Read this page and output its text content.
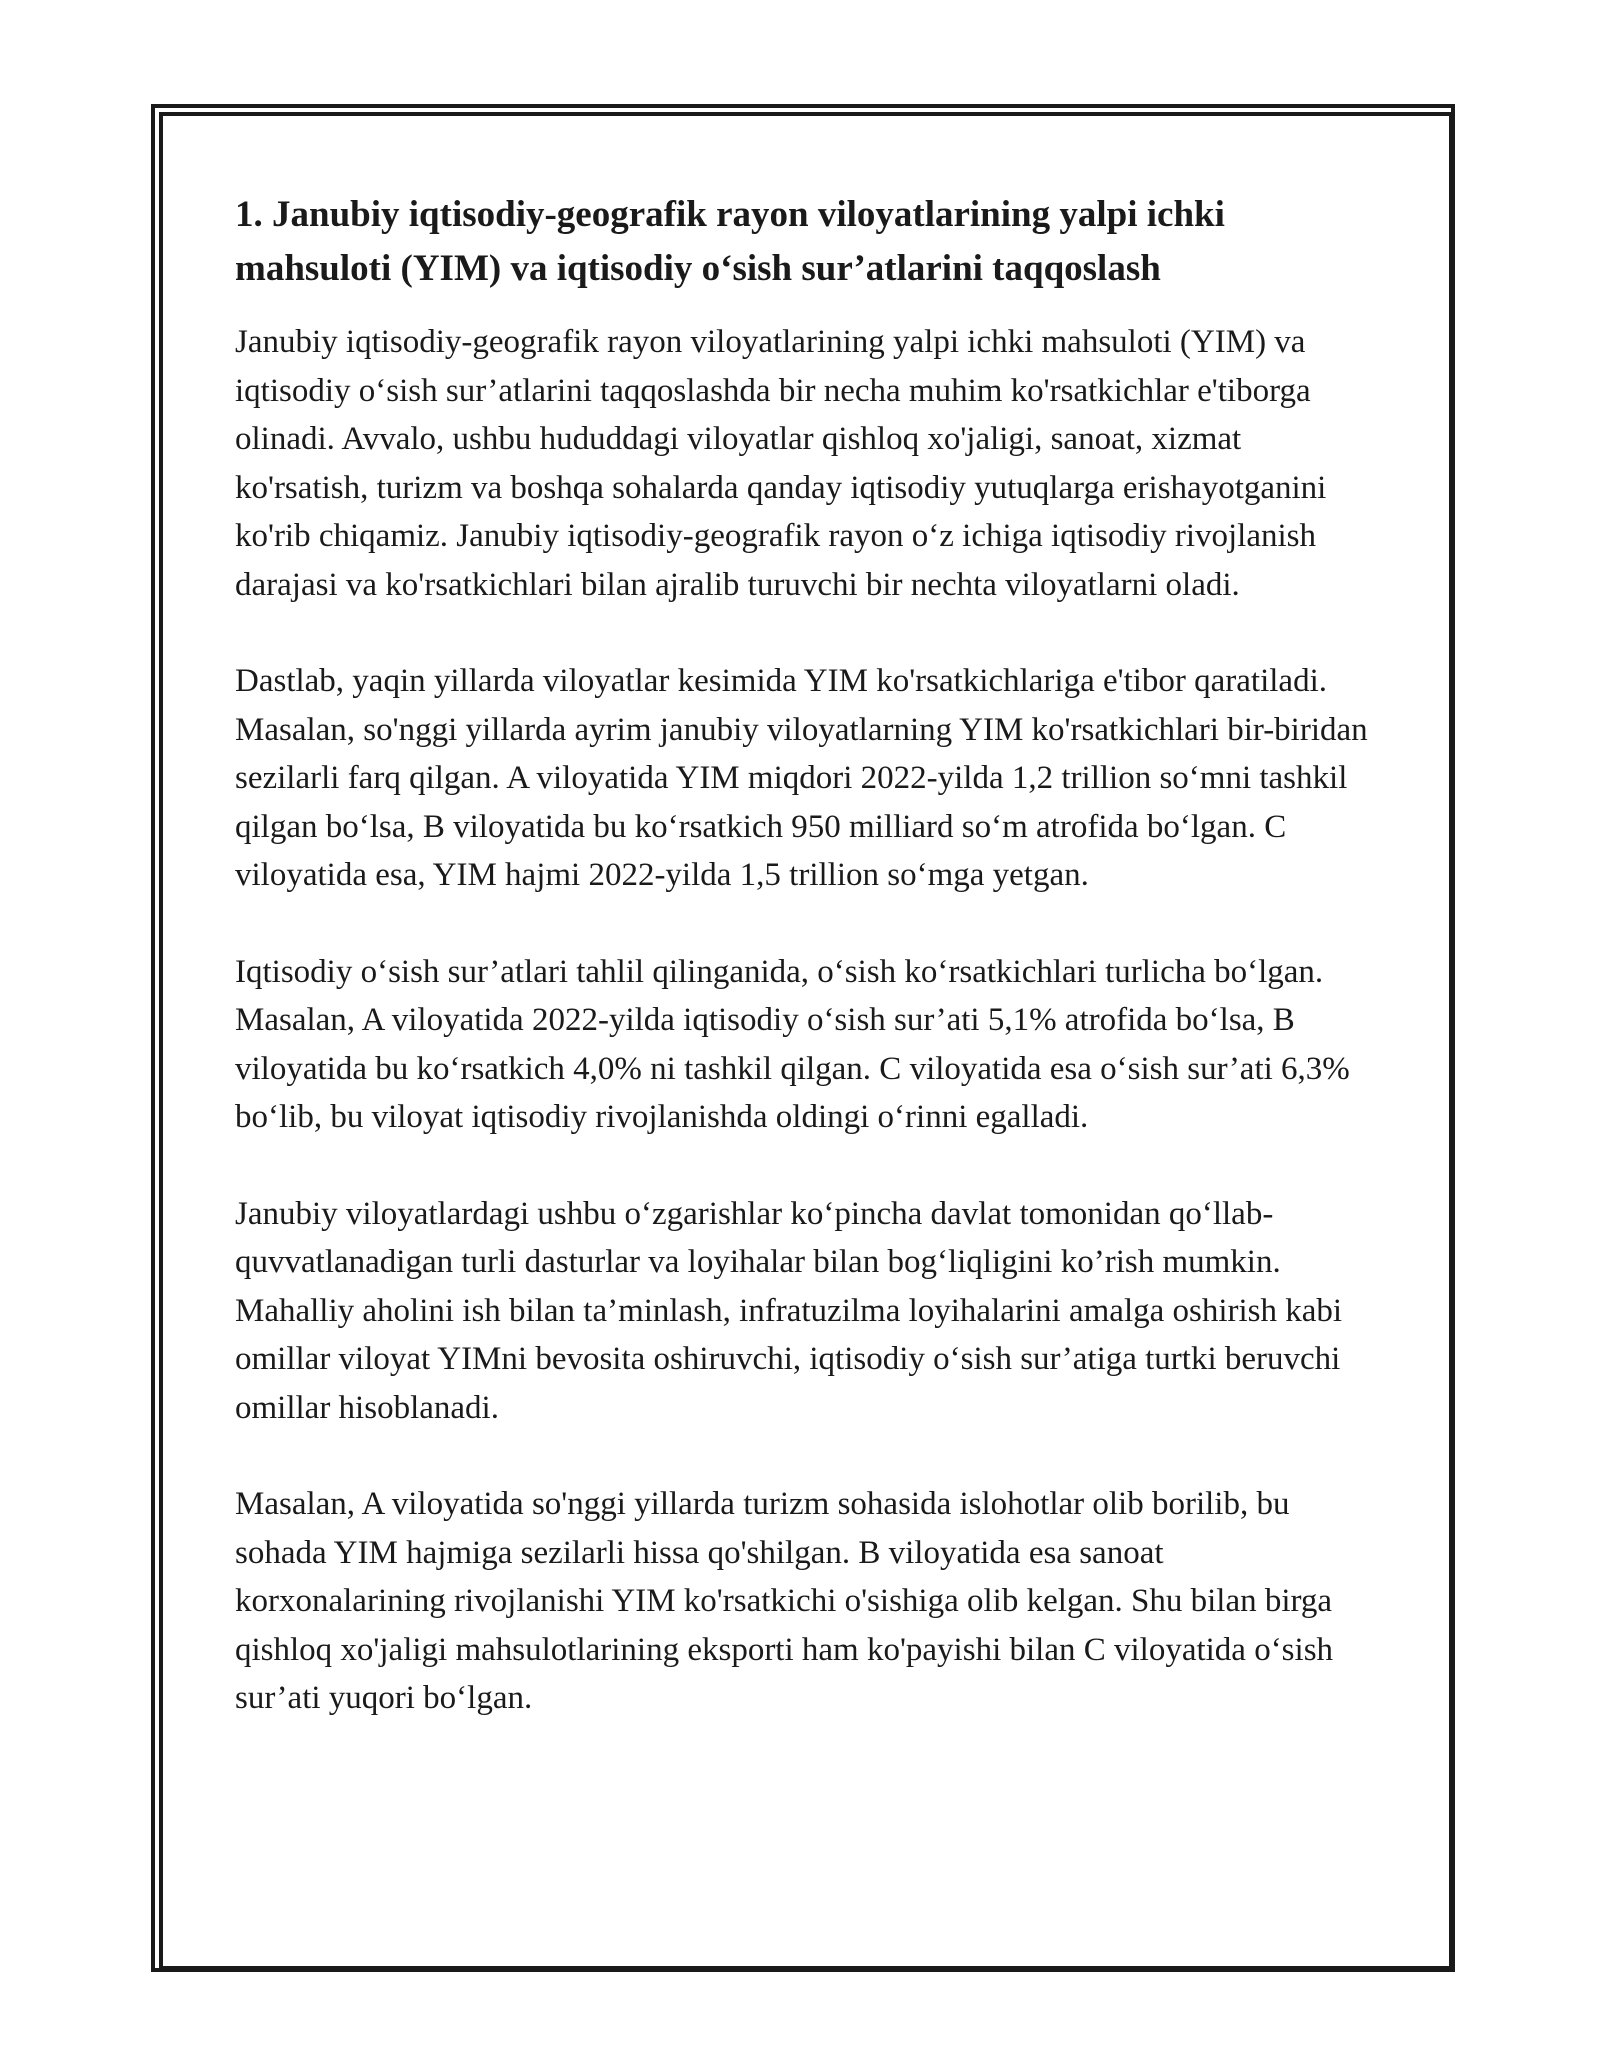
1. Janubiy iqtisodiy-geografik rayon viloyatlarining yalpi ichki mahsuloti (YIM) va iqtisodiy oʻsish sur’atlarini taqqoslash

Janubiy iqtisodiy-geografik rayon viloyatlarining yalpi ichki mahsuloti (YIM) va iqtisodiy oʻsish sur’atlarini taqqoslashda bir necha muhim ko'rsatkichlar e'tiborga olinadi. Avvalo, ushbu hududdagi viloyatlar qishloq xo'jaligi, sanoat, xizmat ko'rsatish, turizm va boshqa sohalarda qanday iqtisodiy yutuqlarga erishayotganini ko'rib chiqamiz. Janubiy iqtisodiy-geografik rayon oʻz ichiga iqtisodiy rivojlanish darajasi va ko'rsatkichlari bilan ajralib turuvchi bir nechta viloyatlarni oladi.

Dastlab, yaqin yillarda viloyatlar kesimida YIM ko'rsatkichlariga e'tibor qaratiladi. Masalan, so'nggi yillarda ayrim janubiy viloyatlarning YIM ko'rsatkichlari bir-biridan sezilarli farq qilgan. A viloyatida YIM miqdori 2022-yilda 1,2 trillion soʻmni tashkil qilgan boʻlsa, B viloyatida bu koʻrsatkich 950 milliard soʻm atrofida boʻlgan. C viloyatida esa, YIM hajmi 2022-yilda 1,5 trillion soʻmga yetgan.

Iqtisodiy oʻsish sur’atlari tahlil qilinganida, oʻsish koʻrsatkichlari turlicha boʻlgan. Masalan, A viloyatida 2022-yilda iqtisodiy oʻsish sur’ati 5,1% atrofida boʻlsa, B viloyatida bu koʻrsatkich 4,0% ni tashkil qilgan. C viloyatida esa oʻsish sur’ati 6,3% boʻlib, bu viloyat iqtisodiy rivojlanishda oldingi oʻrinni egalladi.

Janubiy viloyatlardagi ushbu oʻzgarishlar koʻpincha davlat tomonidan qoʻllab-quvvatlanadigan turli dasturlar va loyihalar bilan bogʻliqligini ko’rish mumkin. Mahalliy aholini ish bilan ta’minlash, infratuzilma loyihalarini amalga oshirish kabi omillar viloyat YIMni bevosita oshiruvchi, iqtisodiy oʻsish sur’atiga turtki beruvchi omillar hisoblanadi.

Masalan, A viloyatida so'nggi yillarda turizm sohasida islohotlar olib borilib, bu sohada YIM hajmiga sezilarli hissa qo'shilgan. B viloyatida esa sanoat korxonalarining rivojlanishi YIM ko'rsatkichi o'sishiga olib kelgan. Shu bilan birga qishloq xo'jaligi mahsulotlarining eksporti ham ko'payishi bilan C viloyatida oʻsish sur’ati yuqori boʻlgan.
